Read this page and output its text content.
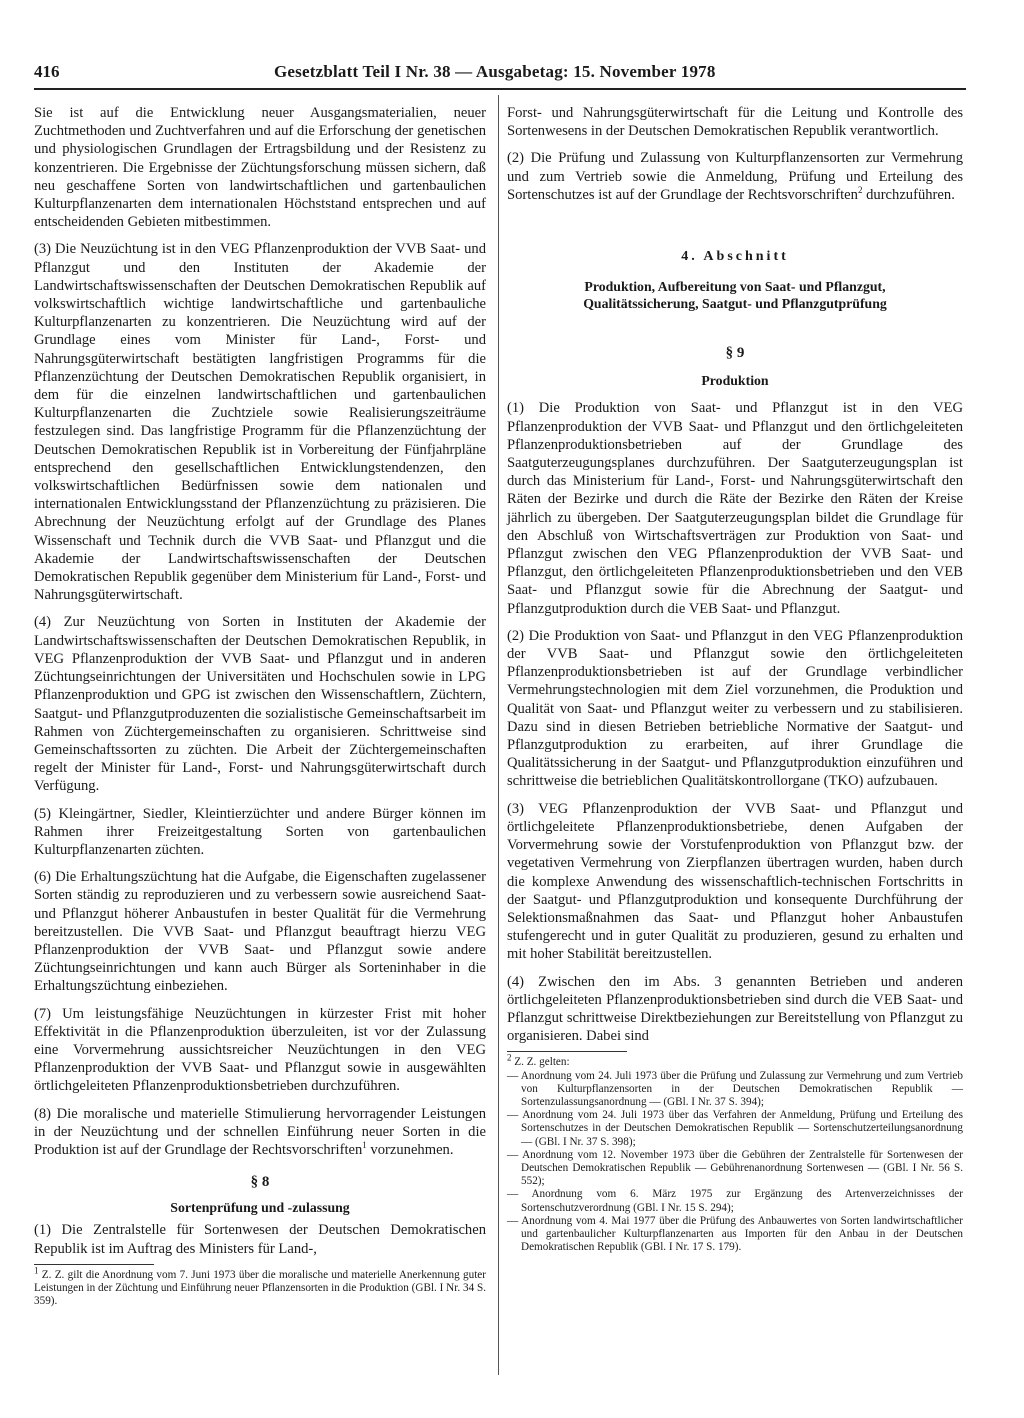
416	Gesetzblatt Teil I Nr. 38 — Ausgabetag: 15. November 1978

Sie ist auf die Entwicklung neuer Ausgangsmaterialien, neuer Zuchtmethoden und Zuchtverfahren und auf die Erforschung der genetischen und physiologischen Grundlagen der Ertragsbildung und der Resistenz zu konzentrieren. Die Ergebnisse der Züchtungsforschung müssen sichern, daß neu geschaffene Sorten von landwirtschaftlichen und gartenbaulichen Kulturpflanzenarten dem internationalen Höchststand entsprechen und auf entscheidenden Gebieten mitbestimmen.

(3) Die Neuzüchtung ist in den VEG Pflanzenproduktion der VVB Saat- und Pflanzgut und den Instituten der Akademie der Landwirtschaftswissenschaften der Deutschen Demokratischen Republik auf volkswirtschaftlich wichtige landwirtschaftliche und gartenbauliche Kulturpflanzenarten zu konzentrieren. Die Neuzüchtung wird auf der Grundlage eines vom Minister für Land-, Forst- und Nahrungsgüterwirtschaft bestätigten langfristigen Programms für die Pflanzenzüchtung der Deutschen Demokratischen Republik organisiert, in dem für die einzelnen landwirtschaftlichen und gartenbaulichen Kulturpflanzenarten die Zuchtziele sowie Realisierungszeiträume festzulegen sind. Das langfristige Programm für die Pflanzenzüchtung der Deutschen Demokratischen Republik ist in Vorbereitung der Fünfjahrpläne entsprechend den gesellschaftlichen Entwicklungstendenzen, den volkswirtschaftlichen Bedürfnissen sowie dem nationalen und internationalen Entwicklungsstand der Pflanzenzüchtung zu präzisieren. Die Abrechnung der Neuzüchtung erfolgt auf der Grundlage des Planes Wissenschaft und Technik durch die VVB Saat- und Pflanzgut und die Akademie der Landwirtschaftswissenschaften der Deutschen Demokratischen Republik gegenüber dem Ministerium für Land-, Forst- und Nahrungsgüterwirtschaft.

(4) Zur Neuzüchtung von Sorten in Instituten der Akademie der Landwirtschaftswissenschaften der Deutschen Demokratischen Republik, in VEG Pflanzenproduktion der VVB Saat- und Pflanzgut und in anderen Züchtungseinrichtungen der Universitäten und Hochschulen sowie in LPG Pflanzenproduktion und GPG ist zwischen den Wissenschaftlern, Züchtern, Saatgut- und Pflanzgutproduzenten die sozialistische Gemeinschaftsarbeit im Rahmen von Züchtergemeinschaften zu organisieren. Schrittweise sind Gemeinschaftssorten zu züchten. Die Arbeit der Züchtergemeinschaften regelt der Minister für Land-, Forst- und Nahrungsgüterwirtschaft durch Verfügung.

(5) Kleingärtner, Siedler, Kleintierzüchter und andere Bürger können im Rahmen ihrer Freizeitgestaltung Sorten von gartenbaulichen Kulturpflanzenarten züchten.

(6) Die Erhaltungszüchtung hat die Aufgabe, die Eigenschaften zugelassener Sorten ständig zu reproduzieren und zu verbessern sowie ausreichend Saat- und Pflanzgut höherer Anbaustufen in bester Qualität für die Vermehrung bereitzustellen. Die VVB Saat- und Pflanzgut beauftragt hierzu VEG Pflanzenproduktion der VVB Saat- und Pflanzgut sowie andere Züchtungseinrichtungen und kann auch Bürger als Sorteninhaber in die Erhaltungszüchtung einbeziehen.

(7) Um leistungsfähige Neuzüchtungen in kürzester Frist mit hoher Effektivität in die Pflanzenproduktion überzuleiten, ist vor der Zulassung eine Vorvermehrung aussichtsreicher Neuzüchtungen in den VEG Pflanzenproduktion der VVB Saat- und Pflanzgut sowie in ausgewählten örtlichgeleiteten Pflanzenproduktionsbetrieben durchzuführen.

(8) Die moralische und materielle Stimulierung hervorragender Leistungen in der Neuzüchtung und der schnellen Einführung neuer Sorten in die Produktion ist auf der Grundlage der Rechtsvorschriften$^1$ vorzunehmen.

§ 8

Sortenprüfung und -zulassung

(1) Die Zentralstelle für Sortenwesen der Deutschen Demokratischen Republik ist im Auftrag des Ministers für Land-,

$^1$ Z. Z. gilt die Anordnung vom 7. Juni 1973 über die moralische und materielle Anerkennung guter Leistungen in der Züchtung und Einführung neuer Pflanzensorten in die Produktion (GBl. I Nr. 34 S. 359).

Forst- und Nahrungsgüterwirtschaft für die Leitung und Kontrolle des Sortenwesens in der Deutschen Demokratischen Republik verantwortlich.

(2) Die Prüfung und Zulassung von Kulturpflanzensorten zur Vermehrung und zum Vertrieb sowie die Anmeldung, Prüfung und Erteilung des Sortenschutzes ist auf der Grundlage der Rechtsvorschriften$^2$ durchzuführen.

4. Abschnitt

Produktion, Aufbereitung von Saat- und Pflanzgut, Qualitätssicherung, Saatgut- und Pflanzgutprüfung

§ 9

Produktion

(1) Die Produktion von Saat- und Pflanzgut ist in den VEG Pflanzenproduktion der VVB Saat- und Pflanzgut und den örtlichgeleiteten Pflanzenproduktionsbetrieben auf der Grundlage des Saatguterzeugungsplanes durchzuführen. Der Saatguterzeugungsplan ist durch das Ministerium für Land-, Forst- und Nahrungsgüterwirtschaft den Räten der Bezirke und durch die Räte der Bezirke den Räten der Kreise jährlich zu übergeben. Der Saatguterzeugungsplan bildet die Grundlage für den Abschluß von Wirtschaftsverträgen zur Produktion von Saat- und Pflanzgut zwischen den VEG Pflanzenproduktion der VVB Saat- und Pflanzgut, den örtlichgeleiteten Pflanzenproduktionsbetrieben und den VEB Saat- und Pflanzgut sowie für die Abrechnung der Saatgut- und Pflanzgutproduktion durch die VEB Saat- und Pflanzgut.

(2) Die Produktion von Saat- und Pflanzgut in den VEG Pflanzenproduktion der VVB Saat- und Pflanzgut sowie den örtlichgeleiteten Pflanzenproduktionsbetrieben ist auf der Grundlage verbindlicher Vermehrungstechnologien mit dem Ziel vorzunehmen, die Produktion und Qualität von Saat- und Pflanzgut weiter zu verbessern und zu stabilisieren. Dazu sind in diesen Betrieben betriebliche Normative der Saatgut- und Pflanzgutproduktion zu erarbeiten, auf ihrer Grundlage die Qualitätssicherung in der Saatgut- und Pflanzgutproduktion einzuführen und schrittweise die betrieblichen Qualitätskontrollorgane (TKO) aufzubauen.

(3) VEG Pflanzenproduktion der VVB Saat- und Pflanzgut und örtlichgeleitete Pflanzenproduktionsbetriebe, denen Aufgaben der Vorvermehrung sowie der Vorstufenproduktion von Pflanzgut bzw. der vegetativen Vermehrung von Zierpflanzen übertragen wurden, haben durch die komplexe Anwendung des wissenschaftlich-technischen Fortschritts in der Saatgut- und Pflanzgutproduktion und konsequente Durchführung der Selektionsmaßnahmen das Saat- und Pflanzgut hoher Anbaustufen stufengerecht und in guter Qualität zu produzieren, gesund zu erhalten und mit hoher Stabilität bereitzustellen.

(4) Zwischen den im Abs. 3 genannten Betrieben und anderen örtlichgeleiteten Pflanzenproduktionsbetrieben sind durch die VEB Saat- und Pflanzgut schrittweise Direktbeziehungen zur Bereitstellung von Pflanzgut zu organisieren. Dabei sind

$^2$ Z. Z. gelten:

— Anordnung vom 24. Juli 1973 über die Prüfung und Zulassung zur Vermehrung und zum Vertrieb von Kulturpflanzensorten in der Deutschen Demokratischen Republik — Sortenzulassungsanordnung — (GBl. I Nr. 37 S. 394);

— Anordnung vom 24. Juli 1973 über das Verfahren der Anmeldung, Prüfung und Erteilung des Sortenschutzes in der Deutschen Demokratischen Republik — Sortenschutzerteilungsanordnung — (GBl. I Nr. 37 S. 398);

— Anordnung vom 12. November 1973 über die Gebühren der Zentralstelle für Sortenwesen der Deutschen Demokratischen Republik — Gebührenanordnung Sortenwesen — (GBl. I Nr. 56 S. 552);

— Anordnung vom 6. März 1975 zur Ergänzung des Artenverzeichnisses der Sortenschutzverordnung (GBl. I Nr. 15 S. 294);

— Anordnung vom 4. Mai 1977 über die Prüfung des Anbauwertes von Sorten landwirtschaftlicher und gartenbaulicher Kulturpflanzenarten aus Importen für den Anbau in der Deutschen Demokratischen Republik (GBl. I Nr. 17 S. 179).
